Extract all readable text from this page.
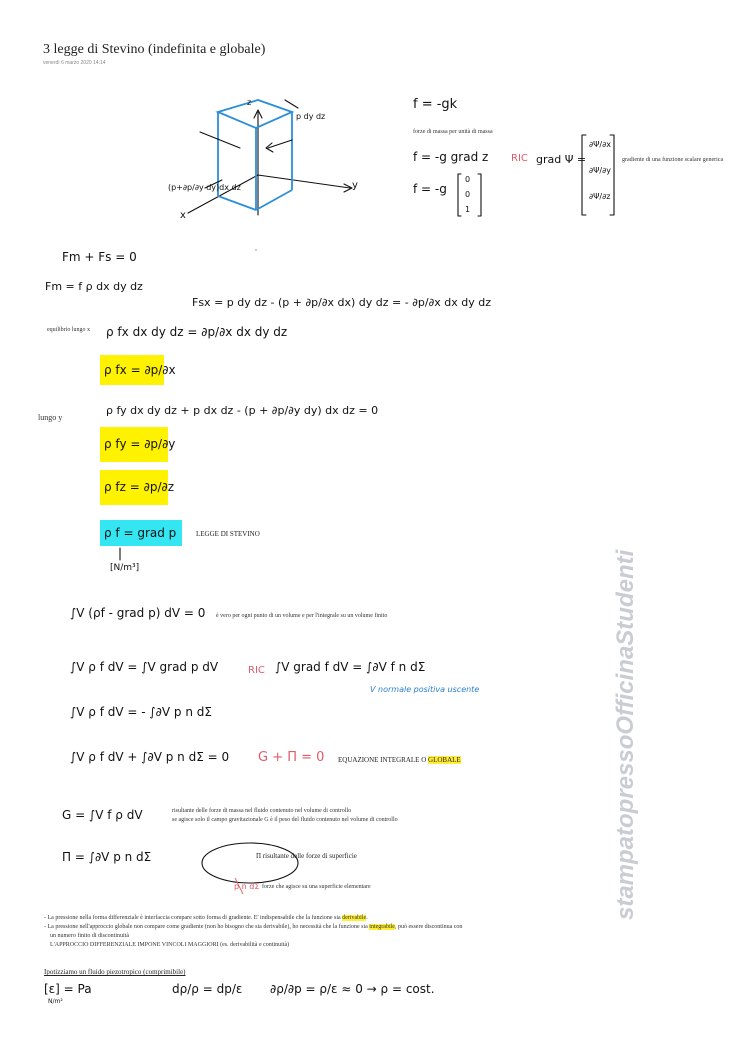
3 legge di Stevino (indefinita e globale)
venerdì 6 marzo 2020 14:14
z
y
x
(p+∂p/∂y dy)dx dz
p dy dz
f = -gk
forze di massa per unità di massa
f = -g grad z RIC grad Ψ =
∂Ψ/∂x
∂Ψ/∂y
∂Ψ/∂z
gradiente di una funzione scalare generica
f = -g
0
0
1
Fm + Fs = 0
Fm = f ρ dx dy dz
Fsx = p dy dz - (p + ∂p/∂x dx) dy dz = - ∂p/∂x dx dy dz
equilibrio lungo x ρ fx dx dy dz = ∂p/∂x dx dy dz
ρ fx = ∂p/∂x
lungo y
ρ fy dx dy dz + p dx dz - (p + ∂p/∂y dy) dx dz = 0
ρ fy = ∂p/∂y
ρ fz = ∂p/∂z
ρ f = grad p	LEGGE DI STEVINO
[N/m³]
∫V (ρf - grad p) dV = 0 è vero per ogni punto di un volume e per l'integrale su un volume finito
∫V ρ f dV = ∫V grad p dV	RIC ∫V grad f dV = ∫∂V f n dΣ
V normale positiva uscente
∫V ρ f dV = - ∫∂V p n dΣ
∫V ρ f dV + ∫∂V p n dΣ = 0 G + Π = 0 EQUAZIONE INTEGRALE O GLOBALE
G = ∫V f ρ dV	risultante delle forze di massa nel fluido contenuto nel volume di controllo
se agisce solo il campo gravitazionale G è il peso del fluido contenuto nel volume di controllo
Π = ∫∂V p n dΣ	Π risultante delle forze di superficie
p n dΣ forze che agisce su una superficie elementare
- La pressione nella forma differenziale è interfaccia compare sotto forma di gradiente. E' indispensabile che la funzione sia derivabile.
- La pressione nell'approccio globale non compare come gradiente (non ho bisogno che sia derivabile), ho necessità che la funzione sia integrabile, può essere discontinua con
un numero finito di discontinuità
L'APPROCCIO DIFFERENZIALE IMPONE VINCOLI MAGGIORI (es. derivabilità e continuità)
Ipotizziamo un fluido piezotropico (comprimibile)
[ε] = Pa
N/m²
dρ/ρ = dp/ε ∂ρ/∂p = ρ/ε ≈ 0 → ρ = cost.
stampatopressoOfficinaStudenti
